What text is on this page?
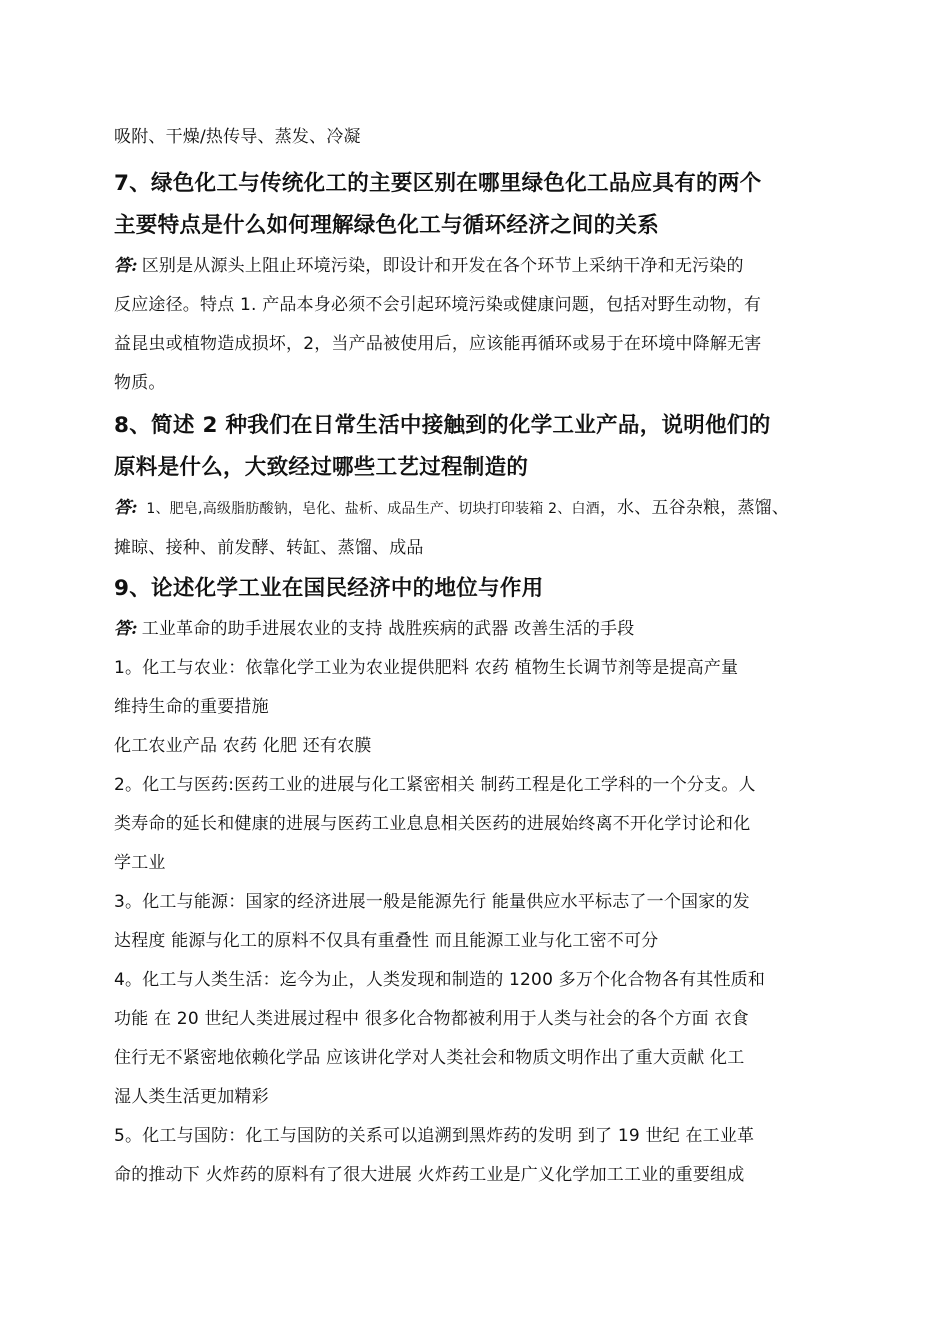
吸附、干燥/热传导、蒸发、冷凝
7、绿色化工与传统化工的主要区别在哪里绿色化工品应具有的两个
主要特点是什么如何理解绿色化工与循环经济之间的关系
答: 区别是从源头上阻止环境污染，即设计和开发在各个环节上采纳干净和无污染的
反应途径。特点 1. 产品本身必须不会引起环境污染或健康问题，包括对野生动物，有
益昆虫或植物造成损坏，2，当产品被使用后，应该能再循环或易于在环境中降解无害
物质。
8、简述 2 种我们在日常生活中接触到的化学工业产品，说明他们的
原料是什么，大致经过哪些工艺过程制造的
答: 1、肥皂,高级脂肪酸钠，皂化、盐析、成品生产、切块打印装箱 2、白酒，水、五谷杂粮，蒸馏、
摊晾、接种、前发酵、转缸、蒸馏、成品
9、论述化学工业在国民经济中的地位与作用
答: 工业革命的助手进展农业的支持 战胜疾病的武器 改善生活的手段
1。化工与农业：依靠化学工业为农业提供肥料 农药 植物生长调节剂等是提高产量
维持生命的重要措施
化工农业产品 农药 化肥 还有农膜
2。化工与医药:医药工业的进展与化工紧密相关 制药工程是化工学科的一个分支。人
类寿命的延长和健康的进展与医药工业息息相关医药的进展始终离不开化学讨论和化
学工业
3。化工与能源：国家的经济进展一般是能源先行 能量供应水平标志了一个国家的发
达程度 能源与化工的原料不仅具有重叠性 而且能源工业与化工密不可分
4。化工与人类生活：迄今为止，人类发现和制造的 1200 多万个化合物各有其性质和
功能 在 20 世纪人类进展过程中 很多化合物都被利用于人类与社会的各个方面 衣食
住行无不紧密地依赖化学品 应该讲化学对人类社会和物质文明作出了重大贡献 化工
湿人类生活更加精彩
5。化工与国防：化工与国防的关系可以追溯到黑炸药的发明 到了 19 世纪 在工业革
命的推动下 火炸药的原料有了很大进展 火炸药工业是广义化学加工工业的重要组成
